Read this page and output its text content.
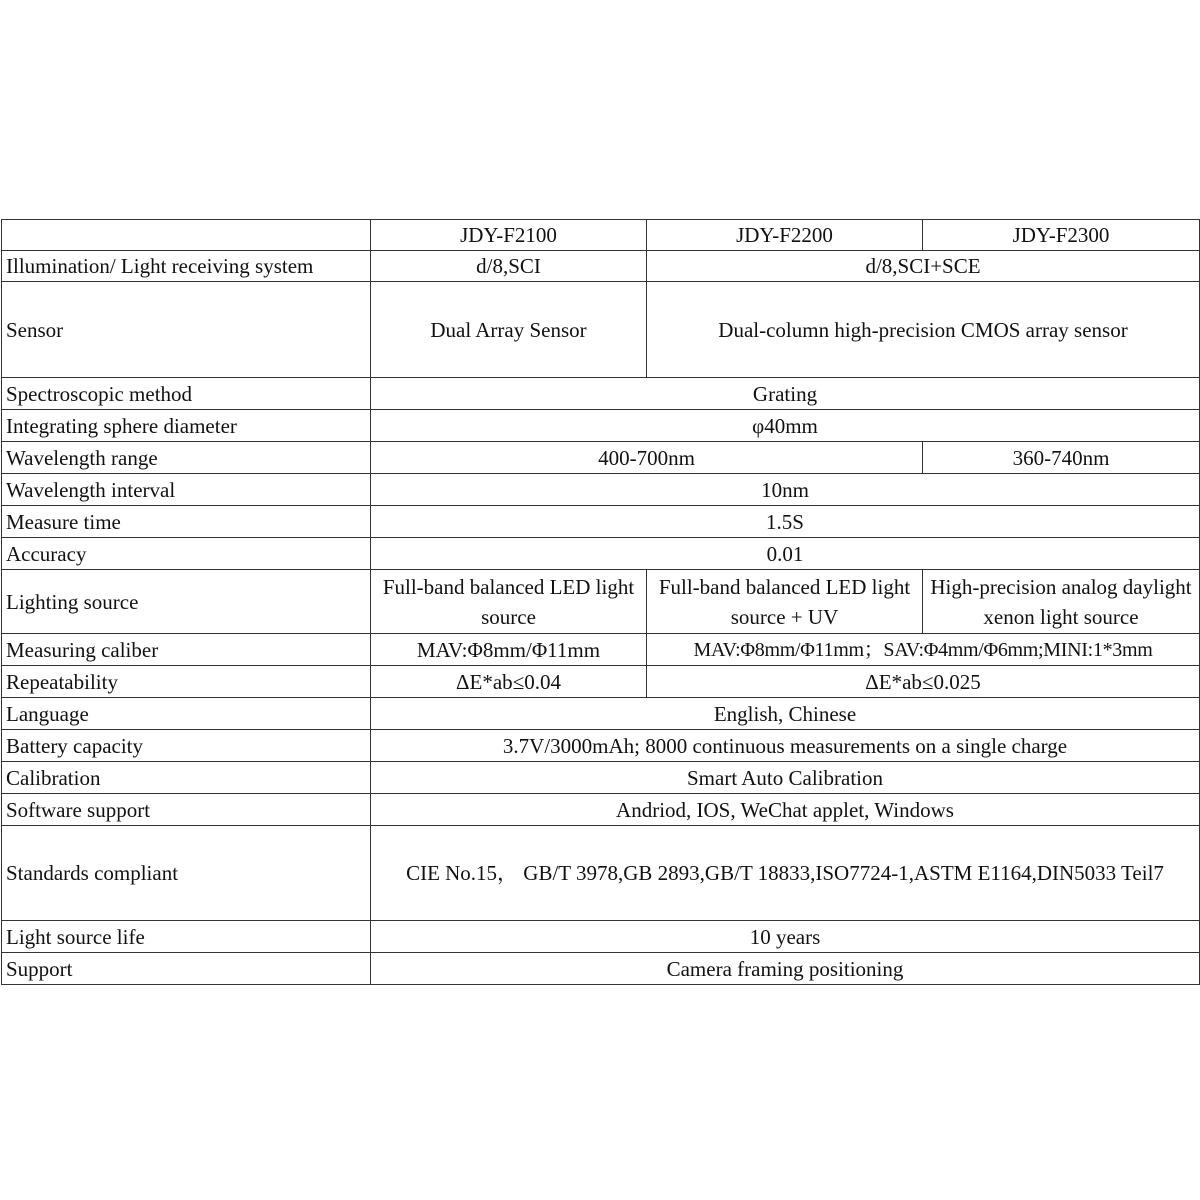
	JDY-F2100	JDY-F2200	JDY-F2300
Illumination/ Light receiving system	d/8,SCI	d/8,SCI+SCE	
Sensor	Dual Array Sensor	Dual-column high-precision CMOS array sensor	
Spectroscopic method	Grating		
Integrating sphere diameter	φ40mm		
Wavelength range	400-700nm		360-740nm
Wavelength interval	10nm		
Measure time	1.5S		
Accuracy	0.01		
Lighting source	Full-band balanced LED light source	Full-band balanced LED light source + UV	High-precision analog daylight xenon light source
Measuring caliber	MAV:Φ8mm/Φ11mm	MAV:Φ8mm/Φ11mm；SAV:Φ4mm/Φ6mm;MINI:1*3mm	
Repeatability	ΔE*ab≤0.04	ΔE*ab≤0.025	
Language	English, Chinese		
Battery capacity	3.7V/3000mAh; 8000 continuous measurements on a single charge		
Calibration	Smart Auto Calibration		
Software support	Andriod, IOS, WeChat applet, Windows		
Standards compliant	CIE No.15， GB/T 3978,GB 2893,GB/T 18833,ISO7724-1,ASTM E1164,DIN5033 Teil7		
Light source life	10 years		
Support	Camera framing positioning		
